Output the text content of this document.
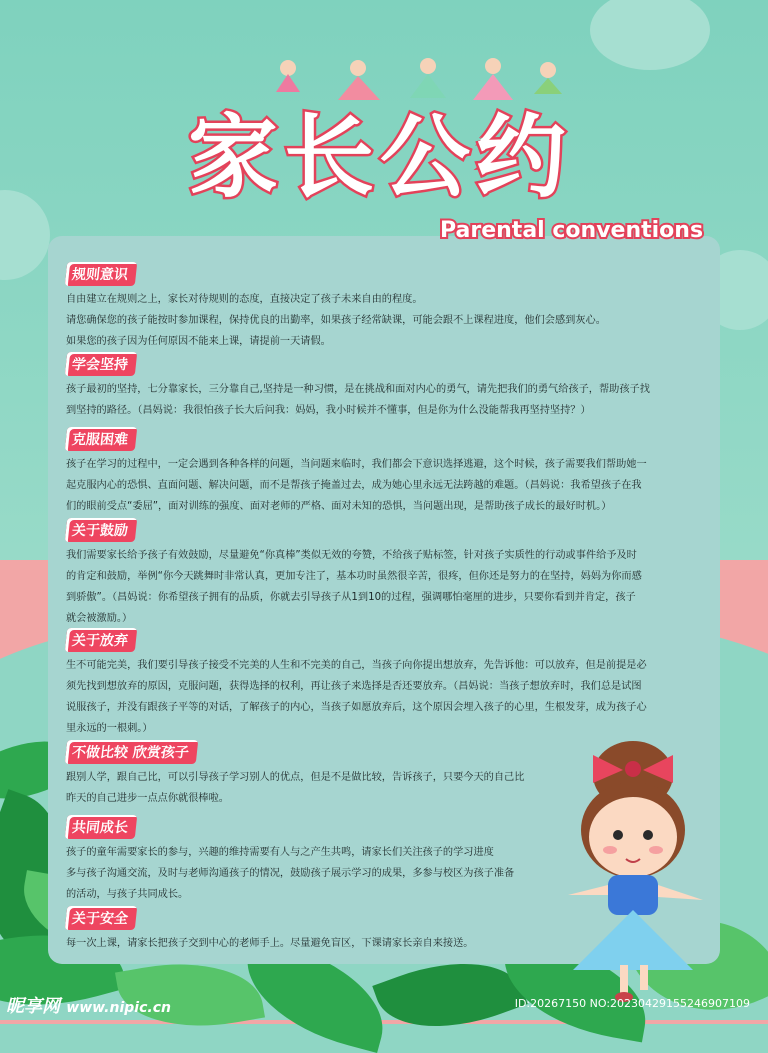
家长公约
Parental conventions
规则意识
自由建立在规则之上，家长对待规则的态度，直接决定了孩子未来自由的程度。
请您确保您的孩子能按时参加课程，保持优良的出勤率，如果孩子经常缺课，可能会跟不上课程进度，他们会感到灰心。
如果您的孩子因为任何原因不能来上课，请提前一天请假。
学会坚持
孩子最初的坚持，七分靠家长，三分靠自己,坚持是一种习惯，是在挑战和面对内心的勇气，请先把我们的勇气给孩子，帮助孩子找
到坚持的路径。（昌妈说：我很怕孩子长大后问我：妈妈，我小时候并不懂事，但是你为什么没能帮我再坚持坚持？）
克服困难
孩子在学习的过程中，一定会遇到各种各样的问题，当问题来临时，我们都会下意识选择逃避，这个时候，孩子需要我们帮助她一
起克服内心的恐惧、直面问题、解决问题，而不是帮孩子掩盖过去，成为她心里永远无法跨越的难题。（昌妈说：我希望孩子在我
们的眼前受点“委屈”，面对训练的强度、面对老师的严格、面对未知的恐惧，当问题出现，是帮助孩子成长的最好时机。）
关于鼓励
我们需要家长给予孩子有效鼓励，尽量避免“你真棒”类似无效的夸赞，不给孩子贴标签，针对孩子实质性的行动或事件给予及时
的肯定和鼓励，举例“你今天跳舞时非常认真，更加专注了，基本功时虽然很辛苦，很疼，但你还是努力的在坚持，妈妈为你而感
到骄傲”。（昌妈说：你希望孩子拥有的品质，你就去引导孩子从1到10的过程，强调哪怕毫厘的进步，只要你看到并肯定，孩子
就会被激励。）
关于放弃
生不可能完美，我们要引导孩子接受不完美的人生和不完美的自己，当孩子向你提出想放弃，先告诉他：可以放弃，但是前提是必
须先找到想放弃的原因，克服问题，获得选择的权利，再让孩子来选择是否还要放弃。（昌妈说：当孩子想放弃时，我们总是试图
说服孩子，并没有跟孩子平等的对话，了解孩子的内心，当孩子如愿放弃后，这个原因会埋入孩子的心里，生根发芽，成为孩子心
里永远的一根刺。）
不做比较 欣赏孩子
跟别人学，跟自己比，可以引导孩子学习别人的优点，但是不是做比较，告诉孩子，只要今天的自己比
昨天的自己进步一点点你就很棒啦。
共同成长
孩子的童年需要家长的参与，兴趣的维持需要有人与之产生共鸣，请家长们关注孩子的学习进度
多与孩子沟通交流，及时与老师沟通孩子的情况，鼓励孩子展示学习的成果，多参与校区为孩子准备
的活动，与孩子共同成长。
关于安全
每一次上课，请家长把孩子交到中心的老师手上。尽量避免盲区，下课请家长亲自来接送。
昵享网 www.nipic.cn	ID:20267150 NO:20230429155246907109
